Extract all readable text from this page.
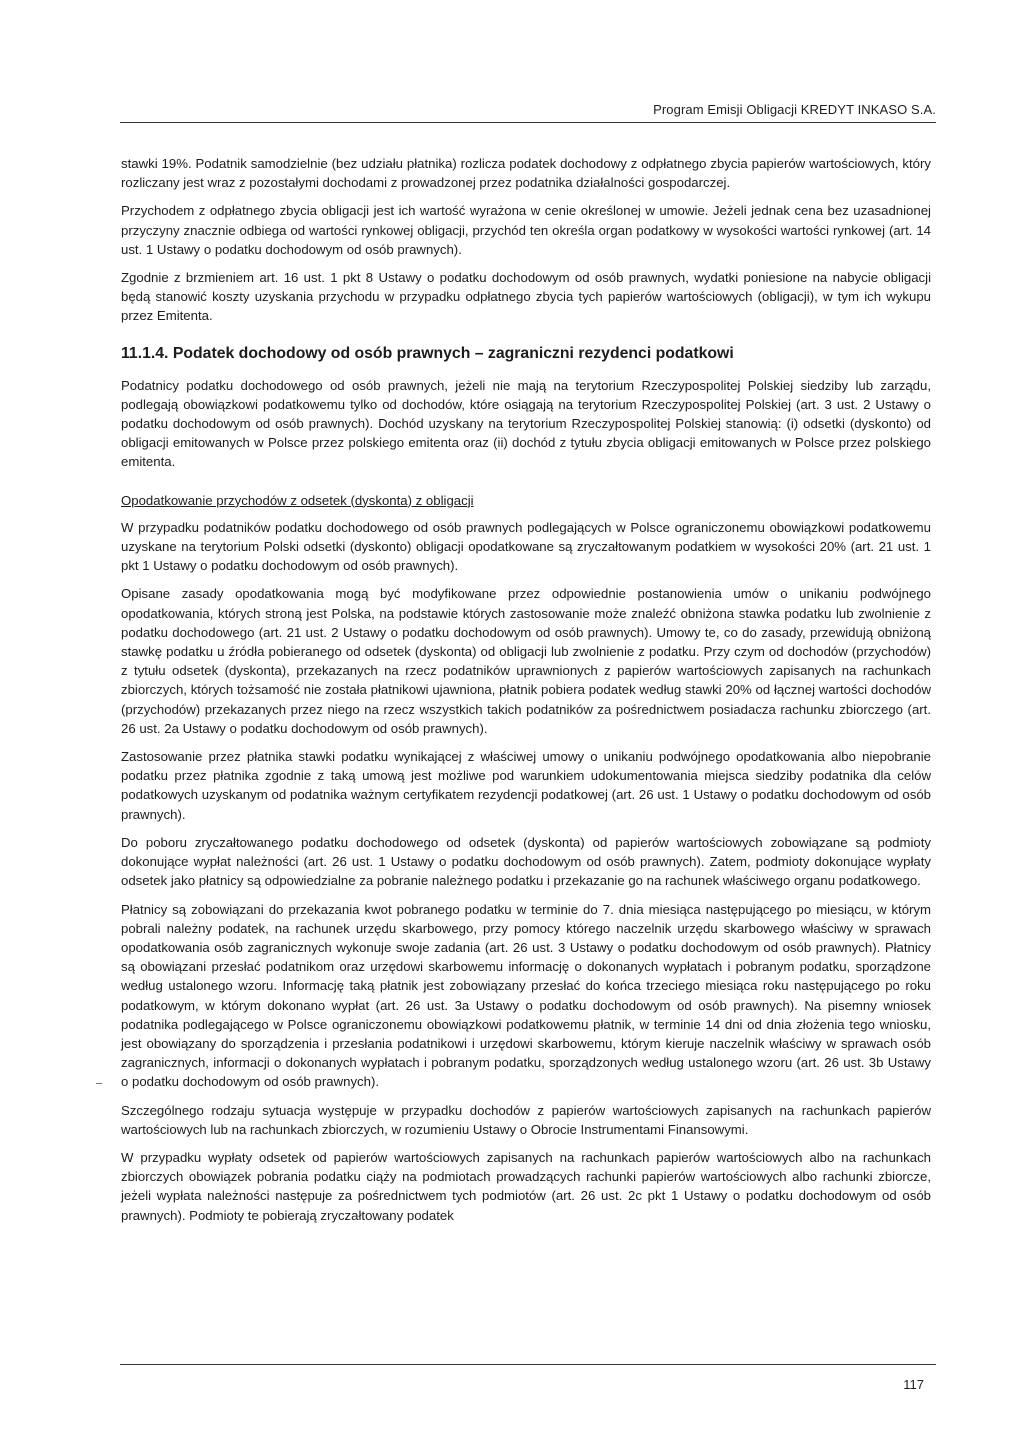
Program Emisji Obligacji KREDYT INKASO S.A.

stawki 19%. Podatnik samodzielnie (bez udziału płatnika) rozlicza podatek dochodowy z odpłatnego zbycia papierów wartościowych, który rozliczany jest wraz z pozostałymi dochodami z prowadzonej przez podatnika działalności gospodarczej.

Przychodem z odpłatnego zbycia obligacji jest ich wartość wyrażona w cenie określonej w umowie. Jeżeli jednak cena bez uzasadnionej przyczyny znacznie odbiega od wartości rynkowej obligacji, przychód ten określa organ podatkowy w wysokości wartości rynkowej (art. 14 ust. 1 Ustawy o podatku dochodowym od osób prawnych).

Zgodnie z brzmieniem art. 16 ust. 1 pkt 8 Ustawy o podatku dochodowym od osób prawnych, wydatki poniesione na nabycie obligacji będą stanowić koszty uzyskania przychodu w przypadku odpłatnego zbycia tych papierów wartościowych (obligacji), w tym ich wykupu przez Emitenta.

11.1.4. Podatek dochodowy od osób prawnych – zagraniczni rezydenci podatkowi

Podatnicy podatku dochodowego od osób prawnych, jeżeli nie mają na terytorium Rzeczypospolitej Polskiej siedziby lub zarządu, podlegają obowiązkowi podatkowemu tylko od dochodów, które osiągają na terytorium Rzeczypospolitej Polskiej (art. 3 ust. 2 Ustawy o podatku dochodowym od osób prawnych). Dochód uzyskany na terytorium Rzeczypospolitej Polskiej stanowią: (i) odsetki (dyskonto) od obligacji emitowanych w Polsce przez polskiego emitenta oraz (ii) dochód z tytułu zbycia obligacji emitowanych w Polsce przez polskiego emitenta.

Opodatkowanie przychodów z odsetek (dyskonta) z obligacji

W przypadku podatników podatku dochodowego od osób prawnych podlegających w Polsce ograniczonemu obowiązkowi podatkowemu uzyskane na terytorium Polski odsetki (dyskonto) obligacji opodatkowane są zryczałtowanym podatkiem w wysokości 20% (art. 21 ust. 1 pkt 1 Ustawy o podatku dochodowym od osób prawnych).

Opisane zasady opodatkowania mogą być modyfikowane przez odpowiednie postanowienia umów o unikaniu podwójnego opodatkowania, których stroną jest Polska, na podstawie których zastosowanie może znaleźć obniżona stawka podatku lub zwolnienie z podatku dochodowego (art. 21 ust. 2 Ustawy o podatku dochodowym od osób prawnych). Umowy te, co do zasady, przewidują obniżoną stawkę podatku u źródła pobieranego od odsetek (dyskonta) od obligacji lub zwolnienie z podatku. Przy czym od dochodów (przychodów) z tytułu odsetek (dyskonta), przekazanych na rzecz podatników uprawnionych z papierów wartościowych zapisanych na rachunkach zbiorczych, których tożsamość nie została płatnikowi ujawniona, płatnik pobiera podatek według stawki 20% od łącznej wartości dochodów (przychodów) przekazanych przez niego na rzecz wszystkich takich podatników za pośrednictwem posiadacza rachunku zbiorczego (art. 26 ust. 2a Ustawy o podatku dochodowym od osób prawnych).

Zastosowanie przez płatnika stawki podatku wynikającej z właściwej umowy o unikaniu podwójnego opodatkowania albo niepobranie podatku przez płatnika zgodnie z taką umową jest możliwe pod warunkiem udokumentowania miejsca siedziby podatnika dla celów podatkowych uzyskanym od podatnika ważnym certyfikatem rezydencji podatkowej (art. 26 ust. 1 Ustawy o podatku dochodowym od osób prawnych).

Do poboru zryczałtowanego podatku dochodowego od odsetek (dyskonta) od papierów wartościowych zobowiązane są podmioty dokonujące wypłat należności (art. 26 ust. 1 Ustawy o podatku dochodowym od osób prawnych). Zatem, podmioty dokonujące wypłaty odsetek jako płatnicy są odpowiedzialne za pobranie należnego podatku i przekazanie go na rachunek właściwego organu podatkowego.

Płatnicy są zobowiązani do przekazania kwot pobranego podatku w terminie do 7. dnia miesiąca następującego po miesiącu, w którym pobrali należny podatek, na rachunek urzędu skarbowego, przy pomocy którego naczelnik urzędu skarbowego właściwy w sprawach opodatkowania osób zagranicznych wykonuje swoje zadania (art. 26 ust. 3 Ustawy o podatku dochodowym od osób prawnych). Płatnicy są obowiązani przesłać podatnikom oraz urzędowi skarbowemu informację o dokonanych wypłatach i pobranym podatku, sporządzone według ustalonego wzoru. Informację taką płatnik jest zobowiązany przesłać do końca trzeciego miesiąca roku następującego po roku podatkowym, w którym dokonano wypłat (art. 26 ust. 3a Ustawy o podatku dochodowym od osób prawnych). Na pisemny wniosek podatnika podlegającego w Polsce ograniczonemu obowiązkowi podatkowemu płatnik, w terminie 14 dni od dnia złożenia tego wniosku, jest obowiązany do sporządzenia i przesłania podatnikowi i urzędowi skarbowemu, którym kieruje naczelnik właściwy w sprawach osób zagranicznych, informacji o dokonanych wypłatach i pobranym podatku, sporządzonych według ustalonego wzoru (art. 26 ust. 3b Ustawy o podatku dochodowym od osób prawnych).

Szczególnego rodzaju sytuacja występuje w przypadku dochodów z papierów wartościowych zapisanych na rachunkach papierów wartościowych lub na rachunkach zbiorczych, w rozumieniu Ustawy o Obrocie Instrumentami Finansowymi.

W przypadku wypłaty odsetek od papierów wartościowych zapisanych na rachunkach papierów wartościowych albo na rachunkach zbiorczych obowiązek pobrania podatku ciąży na podmiotach prowadzących rachunki papierów wartościowych albo rachunki zbiorcze, jeżeli wypłata należności następuje za pośrednictwem tych podmiotów (art. 26 ust. 2c pkt 1 Ustawy o podatku dochodowym od osób prawnych). Podmioty te pobierają zryczałtowany podatek

117
